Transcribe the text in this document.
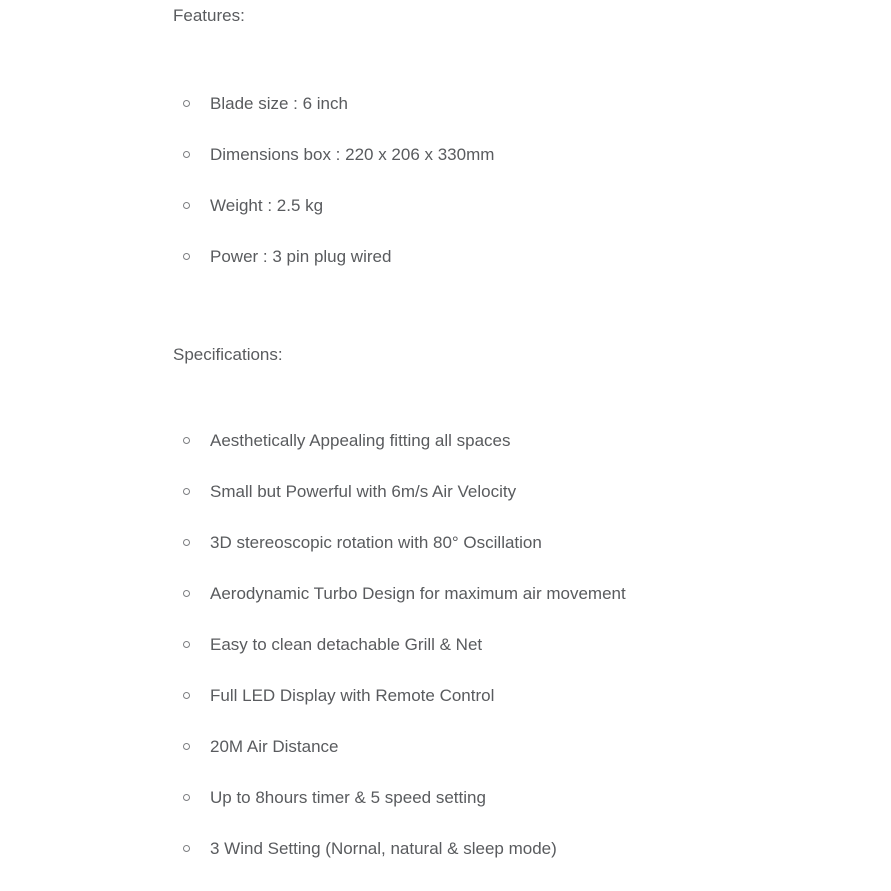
Features:

Blade size : 6 inch
Dimensions box : 220 x 206 x 330mm
Weight : 2.5 kg
Power : 3 pin plug wired

Specifications:

Aesthetically Appealing fitting all spaces
Small but Powerful with 6m/s Air Velocity
3D stereoscopic rotation with 80° Oscillation
Aerodynamic Turbo Design for maximum air movement
Easy to clean detachable Grill & Net
Full LED Display with Remote Control
20M Air Distance
Up to 8hours timer & 5 speed setting
3 Wind Setting (Nornal, natural & sleep mode)
